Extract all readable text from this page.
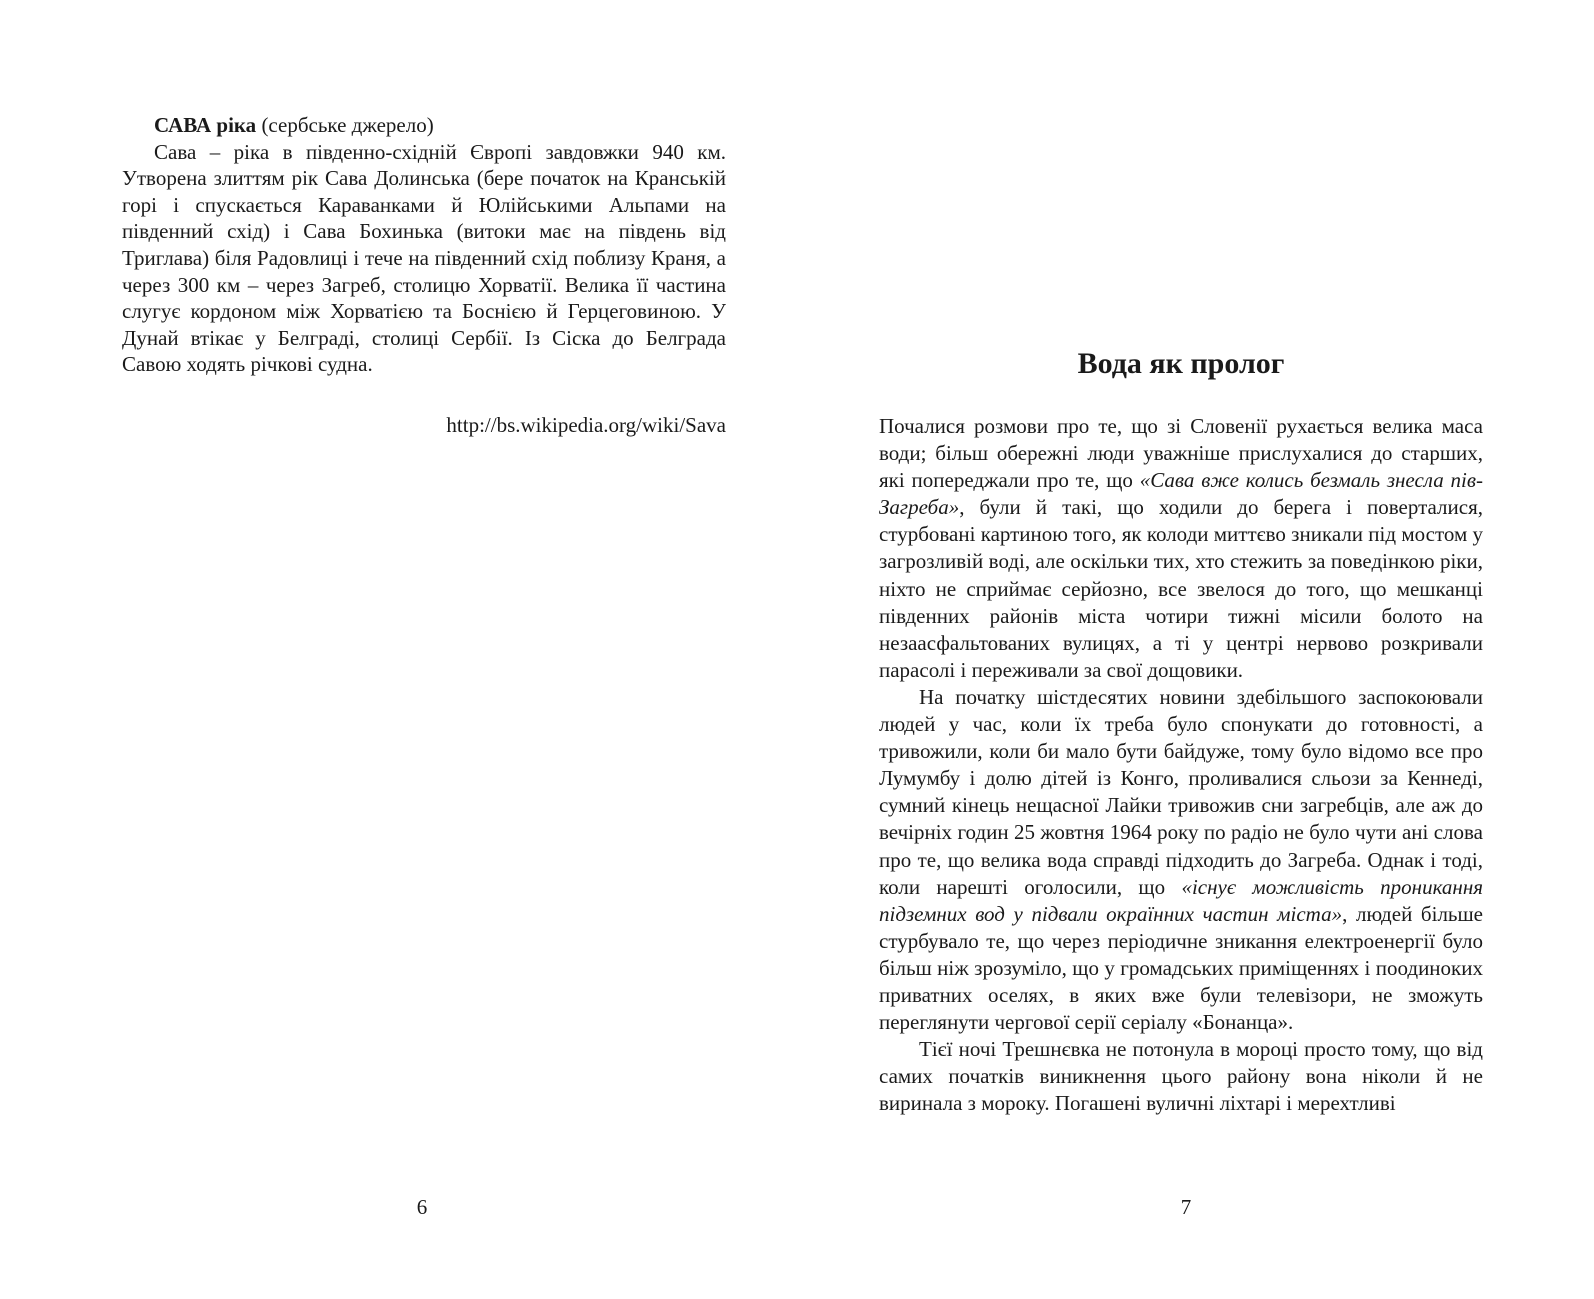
САВА ріка (сербське джерело)

Сава – ріка в південно-східній Європі завдовжки 940 км. Утворена злиттям рік Сава Долинська (бере початок на Кранській горі і спускається Караванками й Юлійськими Альпами на південний схід) і Сава Бохинька (витоки має на південь від Триглава) біля Радовлиці і тече на південний схід поблизу Краня, а через 300 км – через Загреб, столицю Хорватії. Велика її частина слугує кордоном між Хорватією та Боснією й Герцеговиною. У Дунай втікає у Белграді, столиці Сербії. Із Сіска до Белграда Савою ходять річкові судна.

http://bs.wikipedia.org/wiki/Sava
6
Вода як пролог

Почалися розмови про те, що зі Словенії рухається велика маса води; більш обережні люди уважніше прислухалися до старших, які попереджали про те, що «Сава вже колись безмаль знесла пів-Загреба», були й такі, що ходили до берега і поверталися, стурбовані картиною того, як колоди миттєво зникали під мостом у загрозливій воді, але оскільки тих, хто стежить за поведінкою ріки, ніхто не сприймає серйозно, все звелося до того, що мешканці південних районів міста чотири тижні місили болото на незаасфальтованих вулицях, а ті у центрі нервово розкривали парасолі і переживали за свої дощовики.

На початку шістдесятих новини здебільшого заспокоювали людей у час, коли їх треба було спонукати до готовності, а тривожили, коли би мало бути байдуже, тому було відомо все про Лумумбу і долю дітей із Конго, проливалися сльози за Кеннеді, сумний кінець нещасної Лайки тривожив сни загребців, але аж до вечірніх годин 25 жовтня 1964 року по радіо не було чути ані слова про те, що велика вода справді підходить до Загреба. Однак і тоді, коли нарешті оголосили, що «існує можливість проникання підземних вод у підвали окраїнних частин міста», людей більше стурбувало те, що через періодичне зникання електроенергії було більш ніж зрозуміло, що у громадських приміщеннях і поодиноких приватних оселях, в яких вже були телевізори, не зможуть переглянути чергової серії серіалу «Бонанца».

Тієї ночі Трешнєвка не потонула в мороці просто тому, що від самих початків виникнення цього району вона ніколи й не виринала з мороку. Погашені вуличні ліхтарі і мерехтливі

7
